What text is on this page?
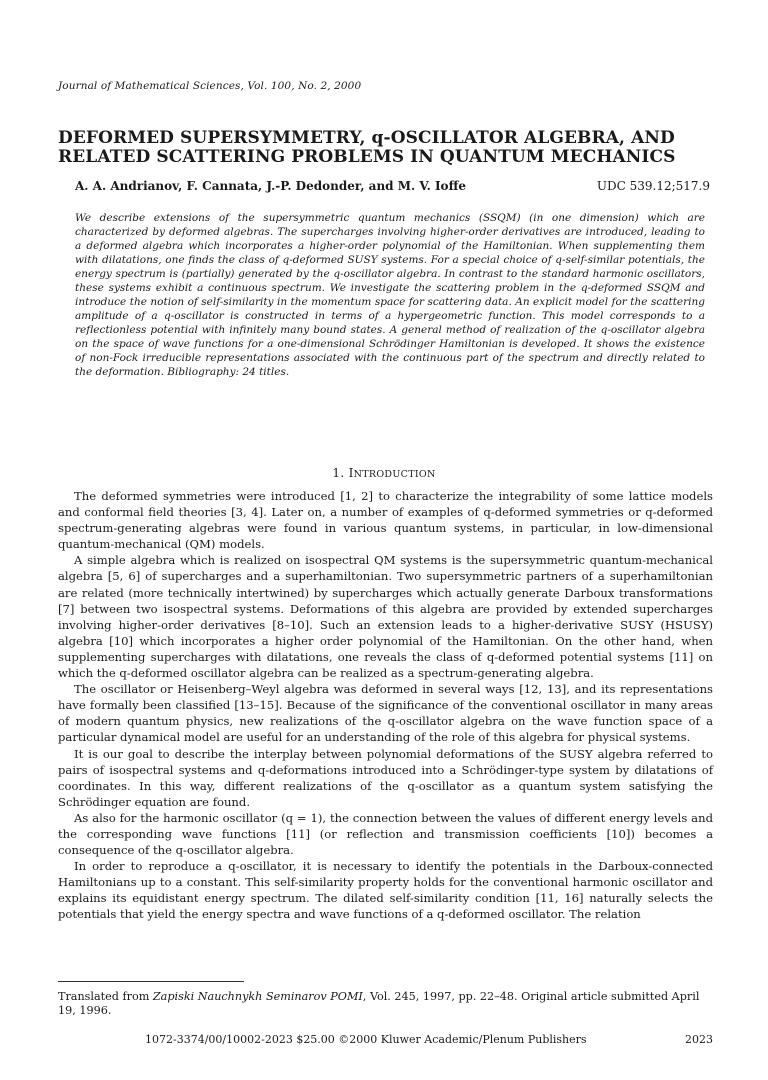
Journal of Mathematical Sciences, Vol. 100, No. 2, 2000
DEFORMED SUPERSYMMETRY, q-OSCILLATOR ALGEBRA, AND
RELATED SCATTERING PROBLEMS IN QUANTUM MECHANICS
A. A. Andrianov, F. Cannata, J.-P. Dedonder, and M. V. Ioffe	UDC 539.12;517.9

We describe extensions of the supersymmetric quantum mechanics (SSQM) (in one dimension) which are characterized by deformed algebras. The supercharges involving higher-order derivatives are introduced, leading to a deformed algebra which incorporates a higher-order polynomial of the Hamiltonian. When supplementing them with dilatations, one finds the class of q-deformed SUSY systems. For a special choice of q-self-similar potentials, the energy spectrum is (partially) generated by the q-oscillator algebra. In contrast to the standard harmonic oscillators, these systems exhibit a continuous spectrum. We investigate the scattering problem in the q-deformed SSQM and introduce the notion of self-similarity in the momentum space for scattering data. An explicit model for the scattering amplitude of a q-oscillator is constructed in terms of a hypergeometric function. This model corresponds to a reflectionless potential with infinitely many bound states. A general method of realization of the q-oscillator algebra on the space of wave functions for a one-dimensional Schrödinger Hamiltonian is developed. It shows the existence of non-Fock irreducible representations associated with the continuous part of the spectrum and directly related to the deformation. Bibliography: 24 titles.

1. INTRODUCTION

The deformed symmetries were introduced [1, 2] to characterize the integrability of some lattice models and conformal field theories [3, 4]. Later on, a number of examples of q-deformed symmetries or q-deformed spectrum-generating algebras were found in various quantum systems, in particular, in low-dimensional quantum-mechanical (QM) models.

A simple algebra which is realized on isospectral QM systems is the supersymmetric quantum-mechanical algebra [5, 6] of supercharges and a superhamiltonian. Two supersymmetric partners of a superhamiltonian are related (more technically intertwined) by supercharges which actually generate Darboux transformations [7] between two isospectral systems. Deformations of this algebra are provided by extended supercharges involving higher-order derivatives [8–10]. Such an extension leads to a higher-derivative SUSY (HSUSY) algebra [10] which incorporates a higher order polynomial of the Hamiltonian. On the other hand, when supplementing supercharges with dilatations, one reveals the class of q-deformed potential systems [11] on which the q-deformed oscillator algebra can be realized as a spectrum-generating algebra.

The oscillator or Heisenberg–Weyl algebra was deformed in several ways [12, 13], and its representations have formally been classified [13–15]. Because of the significance of the conventional oscillator in many areas of modern quantum physics, new realizations of the q-oscillator algebra on the wave function space of a particular dynamical model are useful for an understanding of the role of this algebra for physical systems.

It is our goal to describe the interplay between polynomial deformations of the SUSY algebra referred to pairs of isospectral systems and q-deformations introduced into a Schrödinger-type system by dilatations of coordinates. In this way, different realizations of the q-oscillator as a quantum system satisfying the Schrödinger equation are found.

As also for the harmonic oscillator (q = 1), the connection between the values of different energy levels and the corresponding wave functions [11] (or reflection and transmission coefficients [10]) becomes a consequence of the q-oscillator algebra.

In order to reproduce a q-oscillator, it is necessary to identify the potentials in the Darboux-connected Hamiltonians up to a constant. This self-similarity property holds for the conventional harmonic oscillator and explains its equidistant energy spectrum. The dilated self-similarity condition [11, 16] naturally selects the potentials that yield the energy spectra and wave functions of a q-deformed oscillator. The relation

Translated from Zapiski Nauchnykh Seminarov POMI, Vol. 245, 1997, pp. 22–48. Original article submitted April 19, 1996.
1072-3374/00/10002-2023 $25.00 ©2000 Kluwer Academic/Plenum Publishers	2023
